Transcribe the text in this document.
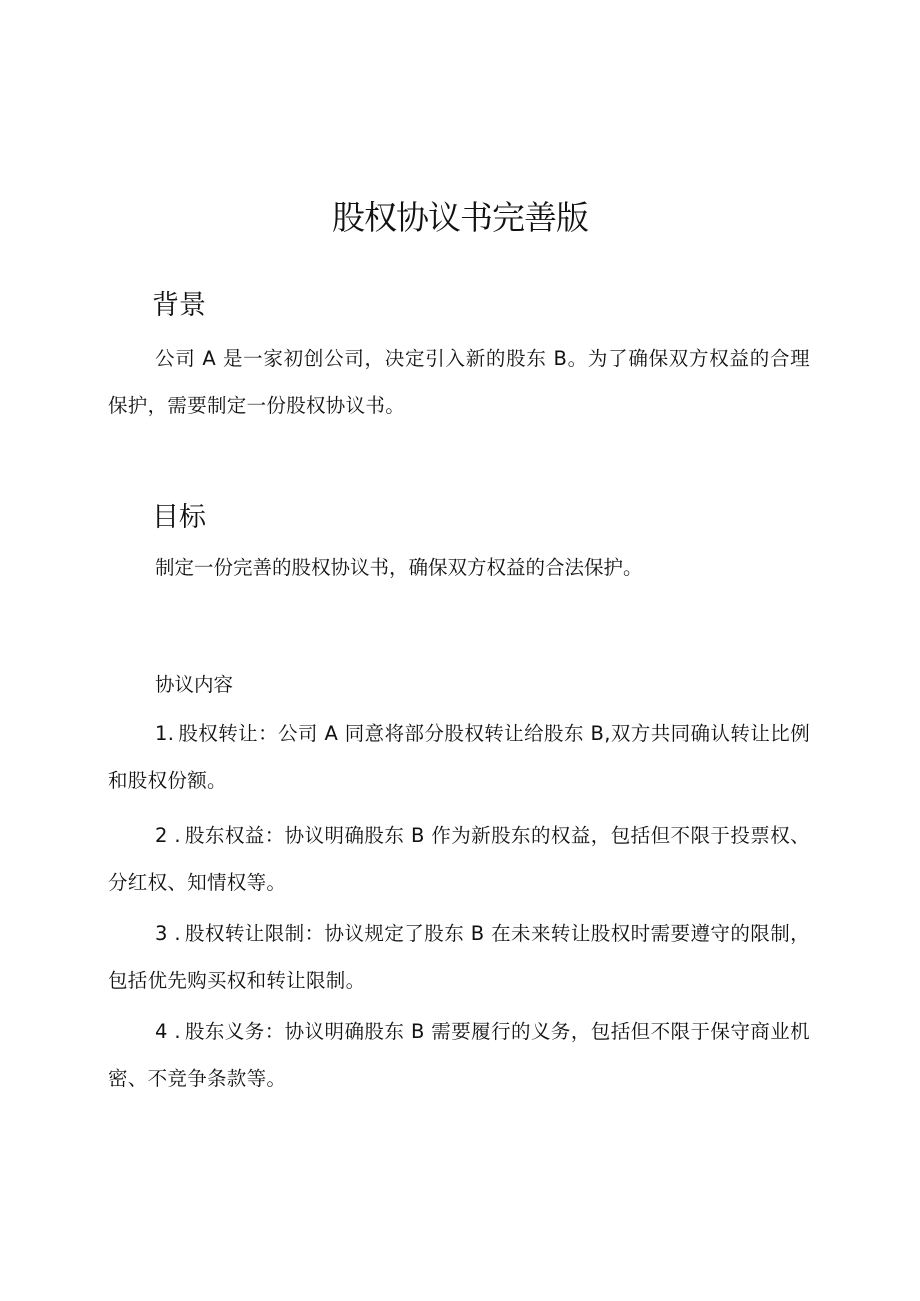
股权协议书完善版
背景

公司 A 是一家初创公司，决定引入新的股东 B。为了确保双方权益的合理保护，需要制定一份股权协议书。

目标

制定一份完善的股权协议书，确保双方权益的合法保护。

协议内容

1. 股权转让：公司 A 同意将部分股权转让给股东 B,双方共同确认转让比例和股权份额。

2 . 股东权益：协议明确股东 B 作为新股东的权益，包括但不限于投票权、分红权、知情权等。

3 . 股权转让限制：协议规定了股东 B 在未来转让股权时需要遵守的限制，包括优先购买权和转让限制。

4 . 股东义务：协议明确股东 B 需要履行的义务，包括但不限于保守商业机密、不竞争条款等。
